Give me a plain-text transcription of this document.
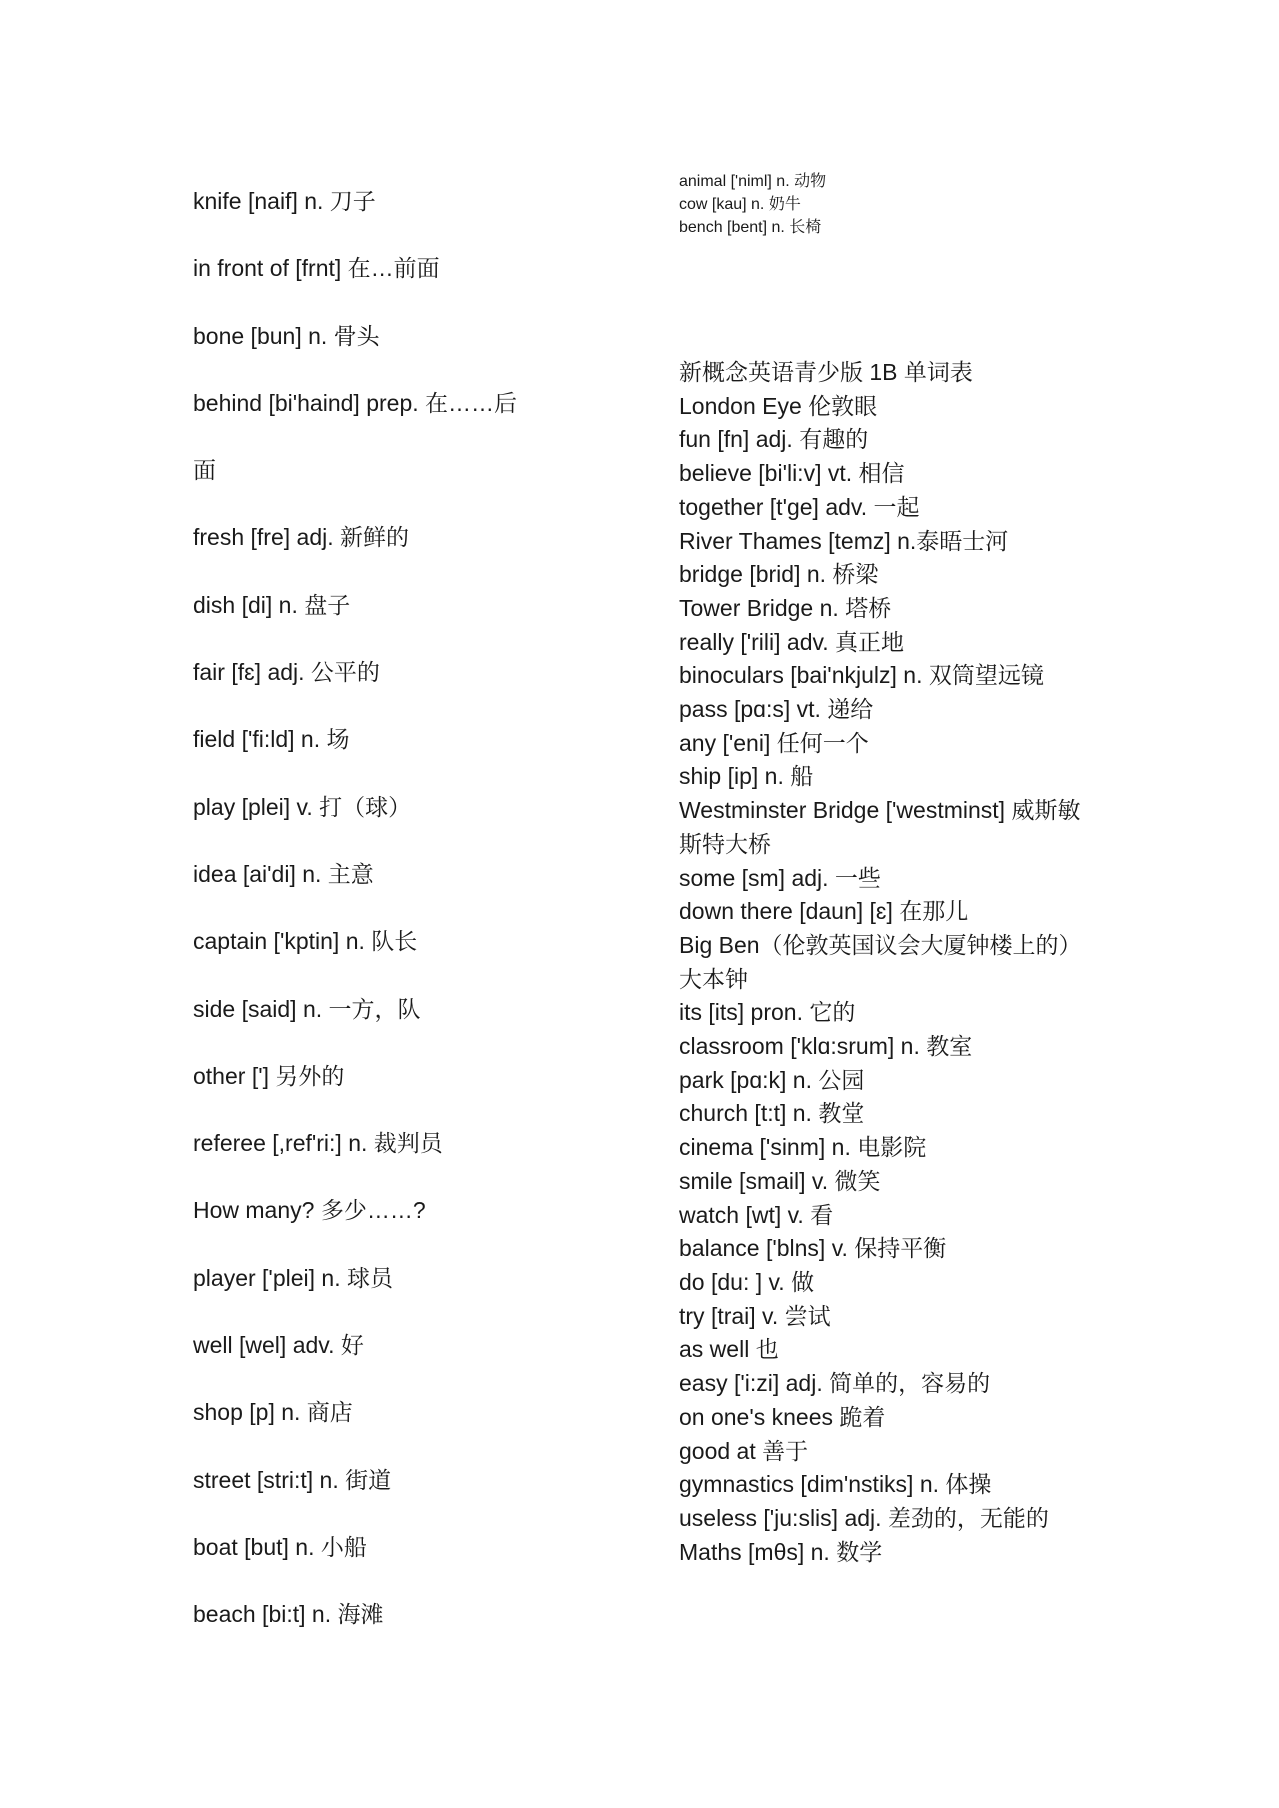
knife [naif] n. 刀子
in front of [frnt] 在…前面
bone [bun] n. 骨头
behind [bi'haind] prep. 在……后
面
fresh [fre] adj. 新鲜的
dish [di] n. 盘子
fair [fɛ] adj. 公平的
field ['fi:ld] n. 场
play [plei] v. 打（球）
idea [ai'di] n. 主意
captain ['kptin] n. 队长
side [said] n. 一方，队
other ['] 另外的
referee [,ref'ri:] n. 裁判员
How many? 多少……?
player ['plei] n. 球员
well [wel] adv. 好
shop [p] n. 商店
street [stri:t] n. 街道
boat [but] n. 小船
beach [bi:t] n. 海滩
animal ['niml] n. 动物
cow [kau] n. 奶牛
bench [bent] n. 长椅
新概念英语青少版 1B 单词表
London Eye 伦敦眼
fun [fn] adj. 有趣的
believe [bi'li:v] vt. 相信
together [t'ge] adv. 一起
River Thames [temz] n.泰晤士河
bridge [brid] n. 桥梁
Tower Bridge n. 塔桥
really ['rili] adv. 真正地
binoculars [bai'nkjulz] n. 双筒望远镜
pass [pɑ:s] vt. 递给
any ['eni] 任何一个
ship [ip] n. 船
Westminster Bridge ['westminst] 威斯敏斯特大桥
some [sm] adj. 一些
down there [daun] [ɛ] 在那儿
Big Ben（伦敦英国议会大厦钟楼上的）大本钟
its [its] pron. 它的
classroom ['klɑ:srum] n. 教室
park [pɑ:k] n. 公园
church [t:t] n. 教堂
cinema ['sinm] n. 电影院
smile [smail] v. 微笑
watch [wt] v. 看
balance ['blns] v. 保持平衡
do [du: ] v. 做
try [trai] v. 尝试
as well 也
easy ['i:zi] adj. 简单的，容易的
on one's knees 跪着
good at 善于
gymnastics [dim'nstiks] n. 体操
useless ['ju:slis] adj. 差劲的，无能的
Maths [mθs] n. 数学
